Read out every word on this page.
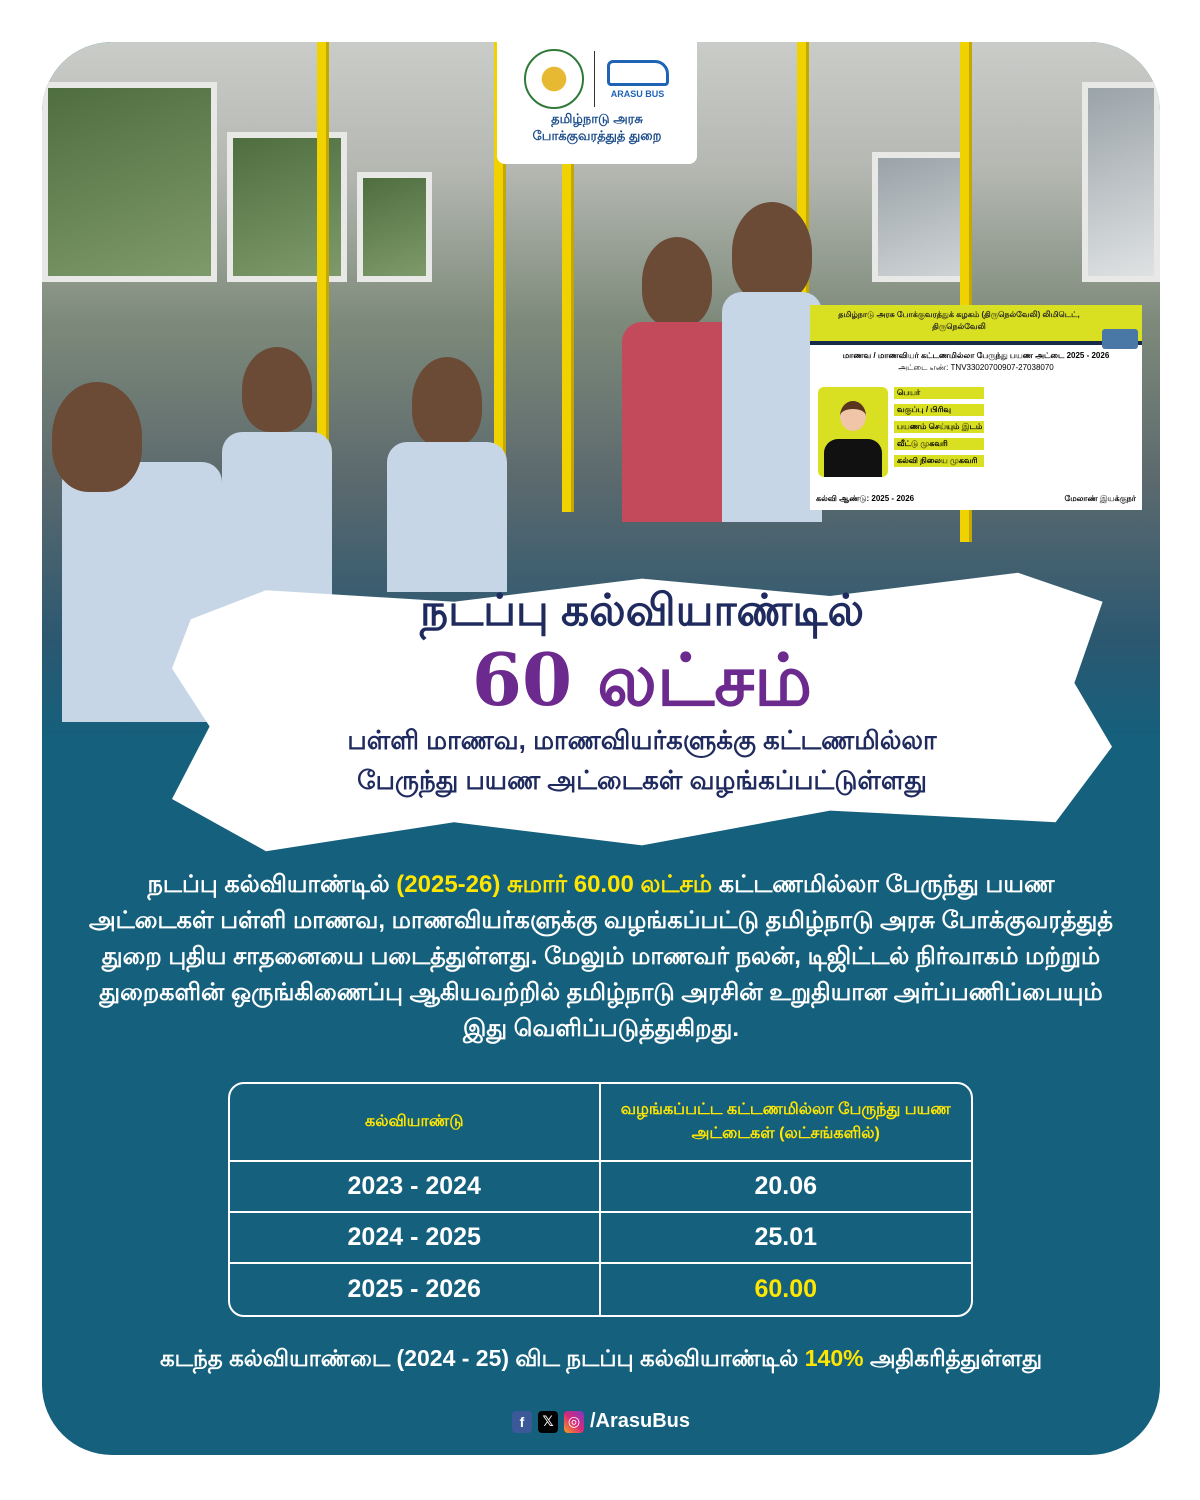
ARASU BUS
தமிழ்நாடு அரசு
போக்குவரத்துத் துறை
தமிழ்நாடு அரசு போக்குவரத்துக் கழகம் (திருநெல்வேலி) லிமிடெட், திருநெல்வேலி
மாணவ / மாணவியர் கட்டணமில்லா பேருந்து பயண அட்டை 2025 - 2026
அட்டை எண்: TNV33020700907-27038070
பெயர்
வகுப்பு / பிரிவு
பயணம் செய்யும் இடம்
வீட்டு முகவரி
கல்வி நிலைய முகவரி
கல்வி ஆண்டு: 2025 - 2026	மேலாண் இயக்குநர்
நடப்பு கல்வியாண்டில்
60 லட்சம்
பள்ளி மாணவ, மாணவியர்களுக்கு கட்டணமில்லா
பேருந்து பயண அட்டைகள் வழங்கப்பட்டுள்ளது
நடப்பு கல்வியாண்டில் (2025-26) சுமார் 60.00 லட்சம் கட்டணமில்லா பேருந்து பயண அட்டைகள் பள்ளி மாணவ, மாணவியர்களுக்கு வழங்கப்பட்டு தமிழ்நாடு அரசு போக்குவரத்துத் துறை புதிய சாதனையை படைத்துள்ளது. மேலும் மாணவர் நலன், டிஜிட்டல் நிர்வாகம் மற்றும் துறைகளின் ஒருங்கிணைப்பு ஆகியவற்றில் தமிழ்நாடு அரசின் உறுதியான அர்ப்பணிப்பையும் இது வெளிப்படுத்துகிறது.
கல்வியாண்டு	வழங்கப்பட்ட கட்டணமில்லா பேருந்து பயண அட்டைகள் (லட்சங்களில்)
2023 - 2024	20.06
2024 - 2025	25.01
2025 - 2026	60.00
கடந்த கல்வியாண்டை (2024 - 25) விட நடப்பு கல்வியாண்டில் 140% அதிகரித்துள்ளது
f	𝕏	◎ /ArasuBus
